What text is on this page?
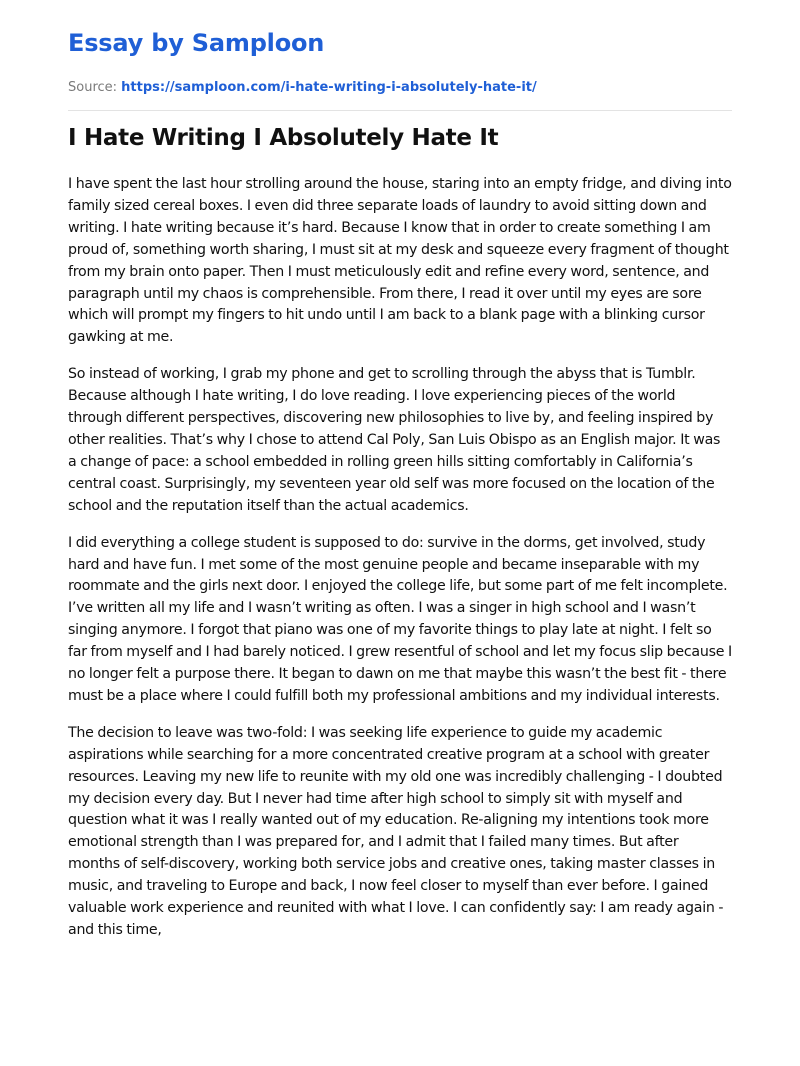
Essay by Samploon
Source: https://samploon.com/i-hate-writing-i-absolutely-hate-it/
I Hate Writing I Absolutely Hate It

I have spent the last hour strolling around the house, staring into an empty fridge, and diving into family sized cereal boxes. I even did three separate loads of laundry to avoid sitting down and writing. I hate writing because it’s hard. Because I know that in order to create something I am proud of, something worth sharing, I must sit at my desk and squeeze every fragment of thought from my brain onto paper. Then I must meticulously edit and refine every word, sentence, and paragraph until my chaos is comprehensible. From there, I read it over until my eyes are sore which will prompt my fingers to hit undo until I am back to a blank page with a blinking cursor gawking at me.

So instead of working, I grab my phone and get to scrolling through the abyss that is Tumblr. Because although I hate writing, I do love reading. I love experiencing pieces of the world through different perspectives, discovering new philosophies to live by, and feeling inspired by other realities. That’s why I chose to attend Cal Poly, San Luis Obispo as an English major. It was a change of pace: a school embedded in rolling green hills sitting comfortably in California’s central coast. Surprisingly, my seventeen year old self was more focused on the location of the school and the reputation itself than the actual academics.

I did everything a college student is supposed to do: survive in the dorms, get involved, study hard and have fun. I met some of the most genuine people and became inseparable with my roommate and the girls next door. I enjoyed the college life, but some part of me felt incomplete. I’ve written all my life and I wasn’t writing as often. I was a singer in high school and I wasn’t singing anymore. I forgot that piano was one of my favorite things to play late at night. I felt so far from myself and I had barely noticed. I grew resentful of school and let my focus slip because I no longer felt a purpose there. It began to dawn on me that maybe this wasn’t the best fit - there must be a place where I could fulfill both my professional ambitions and my individual interests.

The decision to leave was two-fold: I was seeking life experience to guide my academic aspirations while searching for a more concentrated creative program at a school with greater resources. Leaving my new life to reunite with my old one was incredibly challenging - I doubted my decision every day. But I never had time after high school to simply sit with myself and question what it was I really wanted out of my education. Re-aligning my intentions took more emotional strength than I was prepared for, and I admit that I failed many times. But after months of self-discovery, working both service jobs and creative ones, taking master classes in music, and traveling to Europe and back, I now feel closer to myself than ever before. I gained valuable work experience and reunited with what I love. I can confidently say: I am ready again - and this time,
